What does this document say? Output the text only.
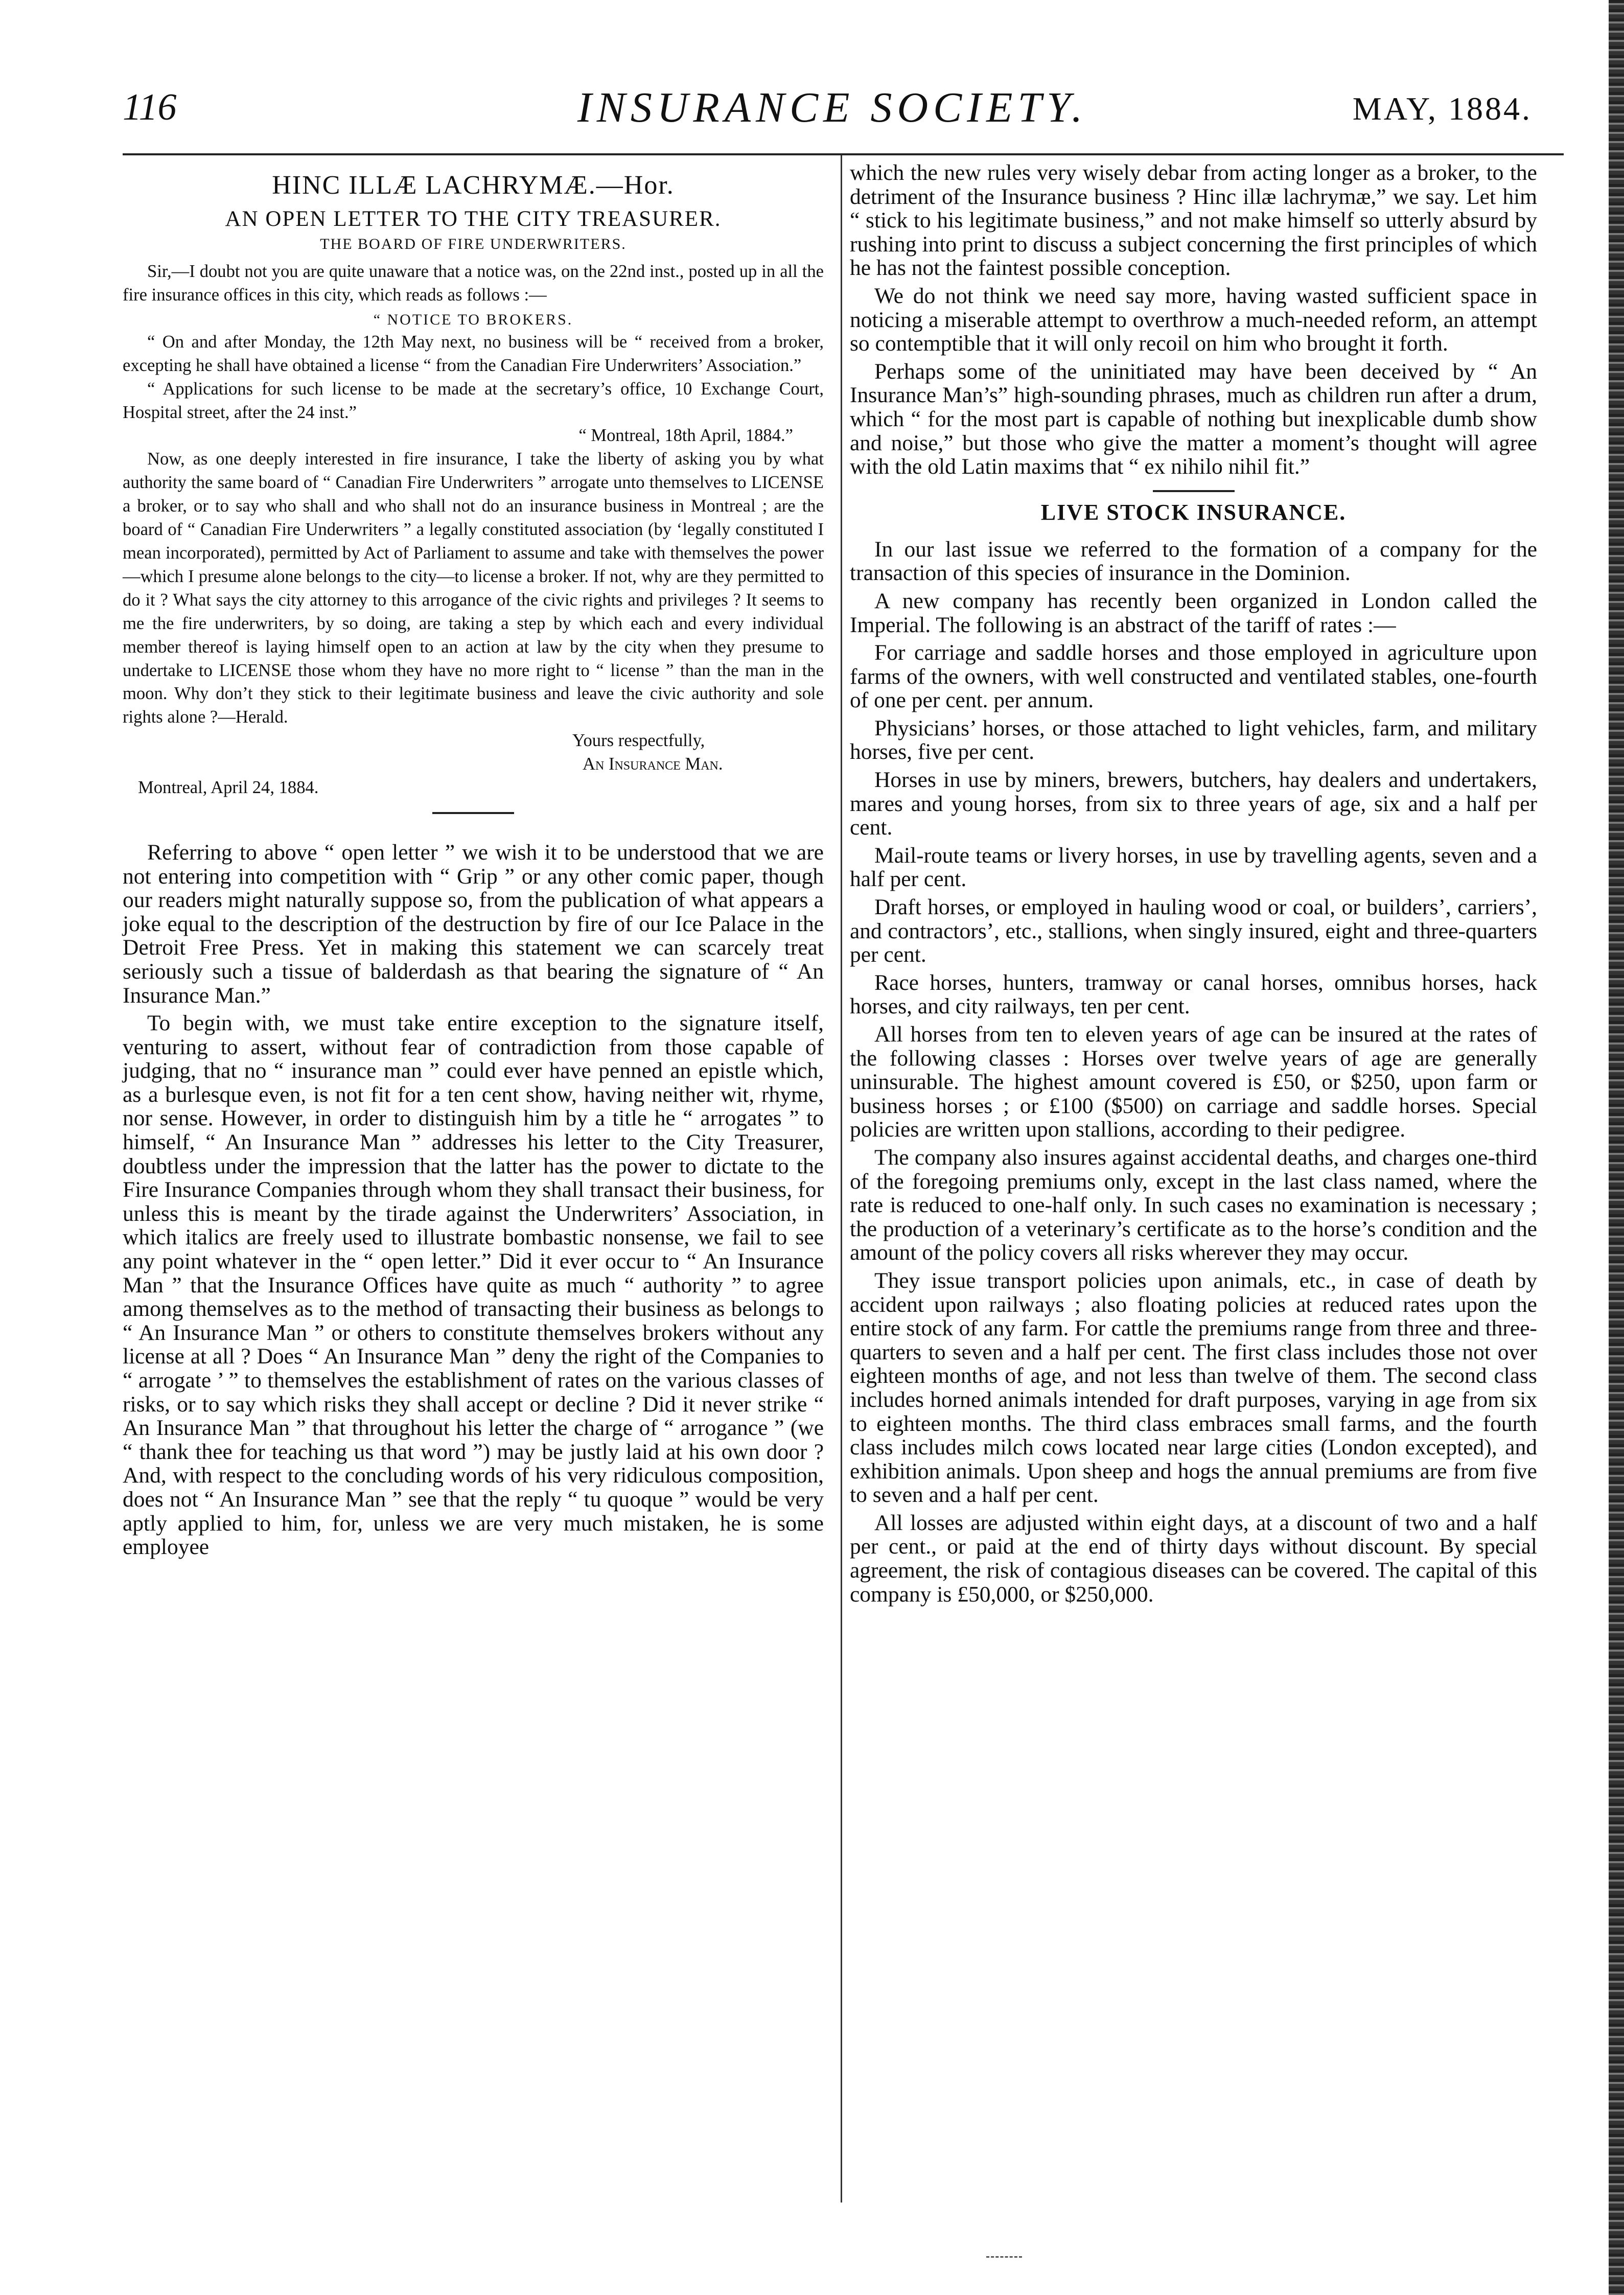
116	INSURANCE SOCIETY.	MAY, 1884.
HINC ILLÆ LACHRYMÆ.—Hor.
AN OPEN LETTER TO THE CITY TREASURER.
THE BOARD OF FIRE UNDERWRITERS.

Sir,—I doubt not you are quite unaware that a notice was, on the 22nd inst., posted up in all the fire insurance offices in this city, which reads as follows :—

“ NOTICE TO BROKERS.

“ On and after Monday, the 12th May next, no business will be “ received from a broker, excepting he shall have obtained a license “ from the Canadian Fire Underwriters’ Association.”

“ Applications for such license to be made at the secretary’s office, 10 Exchange Court, Hospital street, after the 24 inst.”

“ Montreal, 18th April, 1884.”

Now, as one deeply interested in fire insurance, I take the liberty of asking you by what authority the same board of “ Canadian Fire Underwriters ” arrogate unto themselves to LICENSE a broker, or to say who shall and who shall not do an insurance business in Montreal ; are the board of “ Canadian Fire Underwriters ” a legally constituted association (by ‘legally constituted I mean incorporated), permitted by Act of Parliament to assume and take with themselves the power—which I presume alone belongs to the city—to license a broker. If not, why are they permitted to do it ? What says the city attorney to this arrogance of the civic rights and privileges ? It seems to me the fire underwriters, by so doing, are taking a step by which each and every individual member thereof is laying himself open to an action at law by the city when they presume to undertake to LICENSE those whom they have no more right to “ license ” than the man in the moon. Why don’t they stick to their legitimate business and leave the civic authority and sole rights alone ?—Herald.

Yours respectfully,

An Insurance Man.

Montreal, April 24, 1884.

Referring to above “ open letter ” we wish it to be understood that we are not entering into competition with “ Grip ” or any other comic paper, though our readers might naturally suppose so, from the publication of what appears a joke equal to the description of the destruction by fire of our Ice Palace in the Detroit Free Press. Yet in making this statement we can scarcely treat seriously such a tissue of balderdash as that bearing the signature of “ An Insurance Man.”

To begin with, we must take entire exception to the signature itself, venturing to assert, without fear of contradiction from those capable of judging, that no “ insurance man ” could ever have penned an epistle which, as a burlesque even, is not fit for a ten cent show, having neither wit, rhyme, nor sense. However, in order to distinguish him by a title he “ arrogates ” to himself, “ An Insurance Man ” addresses his letter to the City Treasurer, doubtless under the impression that the latter has the power to dictate to the Fire Insurance Companies through whom they shall transact their business, for unless this is meant by the tirade against the Underwriters’ Association, in which italics are freely used to illustrate bombastic nonsense, we fail to see any point whatever in the “ open letter.” Did it ever occur to “ An Insurance Man ” that the Insurance Offices have quite as much “ authority ” to agree among themselves as to the method of transacting their business as belongs to “ An Insurance Man ” or others to constitute themselves brokers without any license at all ? Does “ An Insurance Man ” deny the right of the Companies to “ arrogate ’ ” to themselves the establishment of rates on the various classes of risks, or to say which risks they shall accept or decline ? Did it never strike “ An Insurance Man ” that throughout his letter the charge of “ arrogance ” (we “ thank thee for teaching us that word ”) may be justly laid at his own door ? And, with respect to the concluding words of his very ridiculous composition, does not “ An Insurance Man ” see that the reply “ tu quoque ” would be very aptly applied to him, for, unless we are very much mistaken, he is some employee

which the new rules very wisely debar from acting longer as a broker, to the detriment of the Insurance business ? Hinc illæ lachrymæ,” we say. Let him “ stick to his legitimate business,” and not make himself so utterly absurd by rushing into print to discuss a subject concerning the first principles of which he has not the faintest possible conception.

We do not think we need say more, having wasted sufficient space in noticing a miserable attempt to overthrow a much-needed reform, an attempt so contemptible that it will only recoil on him who brought it forth.

Perhaps some of the uninitiated may have been deceived by “ An Insurance Man’s” high-sounding phrases, much as children run after a drum, which “ for the most part is capable of nothing but inexplicable dumb show and noise,” but those who give the matter a moment’s thought will agree with the old Latin maxims that “ ex nihilo nihil fit.”

LIVE STOCK INSURANCE.

In our last issue we referred to the formation of a company for the transaction of this species of insurance in the Dominion.

A new company has recently been organized in London called the Imperial. The following is an abstract of the tariff of rates :—

For carriage and saddle horses and those employed in agriculture upon farms of the owners, with well constructed and ventilated stables, one-fourth of one per cent. per annum.

Physicians’ horses, or those attached to light vehicles, farm, and military horses, five per cent.

Horses in use by miners, brewers, butchers, hay dealers and undertakers, mares and young horses, from six to three years of age, six and a half per cent.

Mail-route teams or livery horses, in use by travelling agents, seven and a half per cent.

Draft horses, or employed in hauling wood or coal, or builders’, carriers’, and contractors’, etc., stallions, when singly insured, eight and three-quarters per cent.

Race horses, hunters, tramway or canal horses, omnibus horses, hack horses, and city railways, ten per cent.

All horses from ten to eleven years of age can be insured at the rates of the following classes : Horses over twelve years of age are generally uninsurable. The highest amount covered is £50, or $250, upon farm or business horses ; or £100 ($500) on carriage and saddle horses. Special policies are written upon stallions, according to their pedigree.

The company also insures against accidental deaths, and charges one-third of the foregoing premiums only, except in the last class named, where the rate is reduced to one-half only. In such cases no examination is necessary ; the production of a veterinary’s certificate as to the horse’s condition and the amount of the policy covers all risks wherever they may occur.

They issue transport policies upon animals, etc., in case of death by accident upon railways ; also floating policies at reduced rates upon the entire stock of any farm. For cattle the premiums range from three and three-quarters to seven and a half per cent. The first class includes those not over eighteen months of age, and not less than twelve of them. The second class includes horned animals intended for draft purposes, varying in age from six to eighteen months. The third class embraces small farms, and the fourth class includes milch cows located near large cities (London excepted), and exhibition animals. Upon sheep and hogs the annual premiums are from five to seven and a half per cent.

All losses are adjusted within eight days, at a discount of two and a half per cent., or paid at the end of thirty days without discount. By special agreement, the risk of contagious diseases can be covered. The capital of this company is £50,000, or $250,000.
